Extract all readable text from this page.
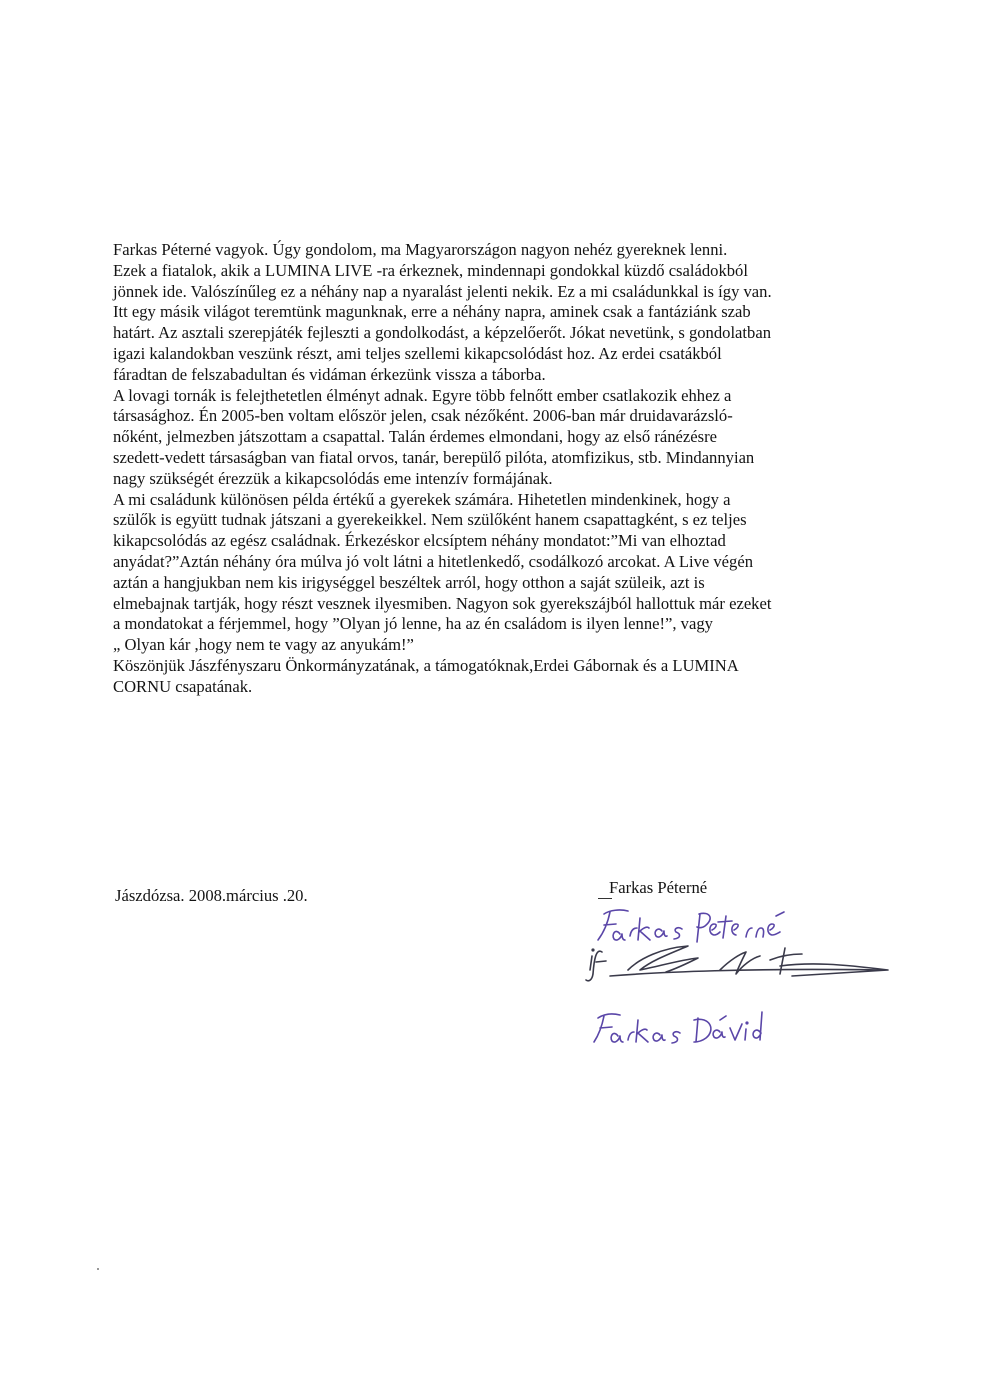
Farkas Péterné vagyok. Úgy gondolom, ma Magyarországon nagyon nehéz gyereknek lenni.
Ezek a fiatalok, akik a LUMINA LIVE -ra érkeznek, mindennapi gondokkal küzdő családokból
jönnek ide. Valószínűleg ez a néhány nap a nyaralást jelenti nekik. Ez a mi családunkkal is így van.
Itt egy másik világot teremtünk magunknak, erre a néhány napra, aminek csak a fantáziánk szab
határt. Az asztali szerepjáték fejleszti a gondolkodást, a képzelőerőt. Jókat nevetünk, s gondolatban
igazi kalandokban veszünk részt, ami teljes szellemi kikapcsolódást hoz. Az erdei csatákból
fáradtan de felszabadultan és vidáman érkezünk vissza a táborba.
A lovagi tornák is felejthetetlen élményt adnak. Egyre több felnőtt ember csatlakozik ehhez a
társasághoz. Én 2005-ben voltam először jelen, csak nézőként. 2006-ban már druidavarázsló-
nőként, jelmezben játszottam a csapattal. Talán érdemes elmondani, hogy az első ránézésre
szedett-vedett társaságban van fiatal orvos, tanár, berepülő pilóta, atomfizikus, stb. Mindannyian
nagy szükségét érezzük a kikapcsolódás eme intenzív formájának.
A mi családunk különösen példa értékű a gyerekek számára. Hihetetlen mindenkinek, hogy a
szülők is együtt tudnak játszani a gyerekeikkel. Nem szülőként hanem csapattagként, s ez teljes
kikapcsolódás az egész családnak. Érkezéskor elcsíptem néhány mondatot:”Mi van elhoztad
anyádat?”Aztán néhány óra múlva jó volt látni a hitetlenkedő, csodálkozó arcokat. A Live végén
aztán a hangjukban nem kis irigységgel beszéltek arról, hogy otthon a saját szüleik, azt is
elmebajnak tartják, hogy részt vesznek ilyesmiben. Nagyon sok gyerekszájból hallottuk már ezeket
a mondatokat a férjemmel, hogy ”Olyan jó lenne, ha az én családom is ilyen lenne!”, vagy
„ Olyan kár ,hogy nem te vagy az anyukám!”
Köszönjük Jászfényszaru Önkormányzatának, a támogatóknak,Erdei Gábornak és a LUMINA
CORNU csapatának.
Jászdózsa. 2008.március .20.	Farkas Péterné
